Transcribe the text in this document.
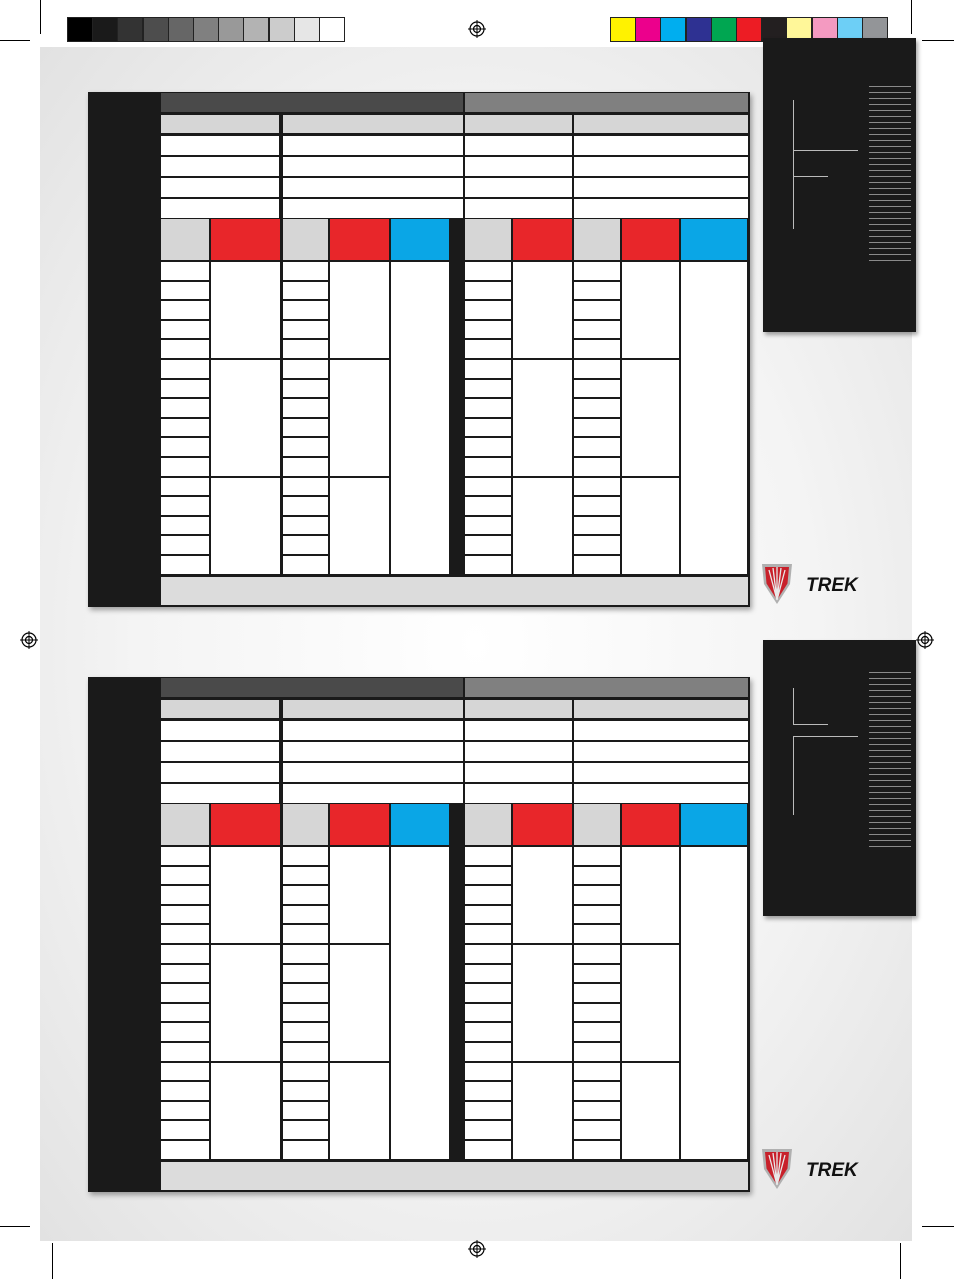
TREK
TREK
